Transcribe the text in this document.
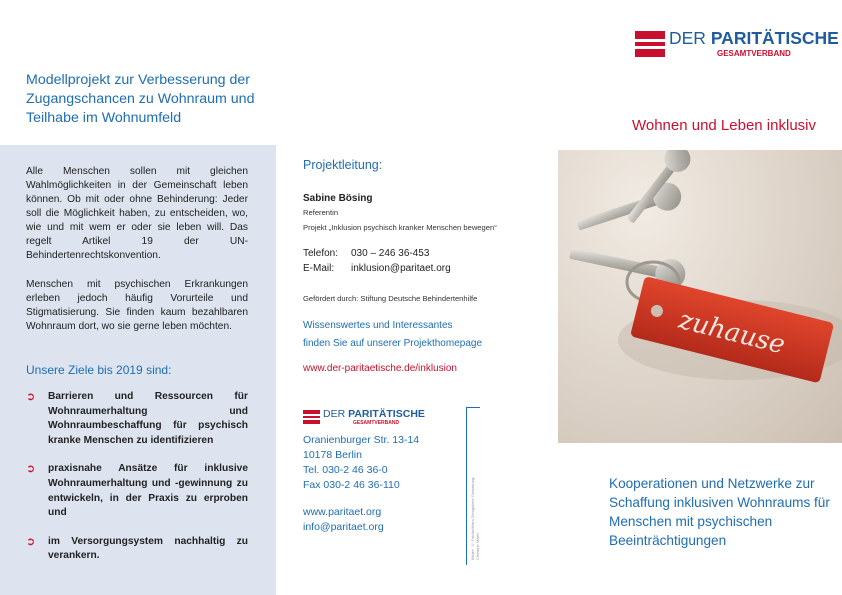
Modellprojekt zur Verbesserung der Zugangschancen zu Wohnraum und Teilhabe im Wohnumfeld
Alle Menschen sollen mit gleichen Wahlmöglichkeiten in der Gemeinschaft leben können. Ob mit oder ohne Behinderung: Jeder soll die Möglichkeit haben, zu entscheiden, wo, wie und mit wem er oder sie leben will. Das regelt Artikel 19 der UN-Behindertenrechtskonvention.
Menschen mit psychischen Erkrankungen erleben jedoch häufig Vorurteile und Stigmatisierung. Sie finden kaum bezahlbaren Wohnraum dort, wo sie gerne leben möchten.
Unsere Ziele bis 2019 sind:
➲ Barrieren und Ressourcen für Wohnraumerhaltung und Wohnraumbeschaffung für psychisch kranke Menschen zu identifizieren
➲ praxisnahe Ansätze für inklusive Wohnraumerhaltung und -gewinnung zu entwickeln, in der Praxis zu erproben und
➲ im Versorgungsystem nachhaltig zu verankern.
Projektleitung:
Sabine Bösing
Referentin
Projekt „Inklusion psychisch kranker Menschen bewegen“
Telefon: 030 – 246 36-453
E-Mail: inklusion@paritaet.org
Gefördert durch: Stiftung Deutsche Behindertenhilfe
Wissenswertes und Interessantes
finden Sie auf unserer Projekthomepage
www.der-paritaetische.de/inklusion
DER PARITÄTISCHE
GESAMTVERBAND
Oranienburger Str. 13-14
10178 Berlin
Tel. 030-2 46 36-0
Fax 030-2 46 36-110
www.paritaet.org
info@paritaet.org	Bilder: © Fotolia/Mara Zemgaliete Gestaltung: Christine Maier
DER PARITÄTISCHE
GESAMTVERBAND
Wohnen und Leben inklusiv
zuhause
Kooperationen und Netzwerke zur Schaffung inklusiven Wohnraums für Menschen mit psychischen Beeinträchtigungen
